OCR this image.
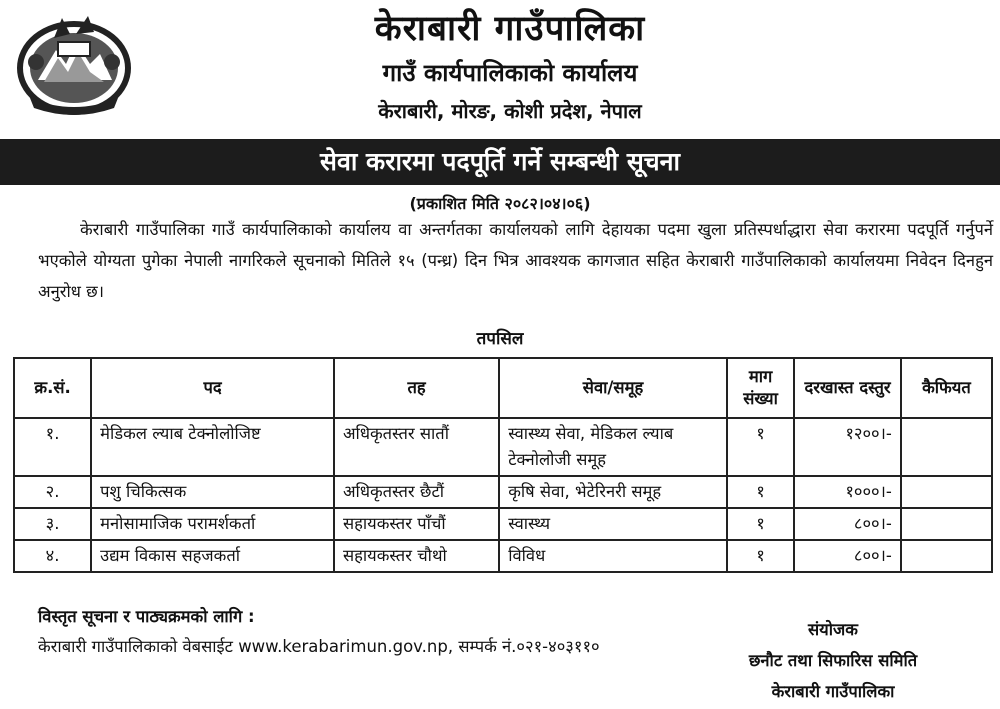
केराबारी गाउँपालिका
गाउँ कार्यपालिकाको कार्यालय
केराबारी, मोरङ, कोशी प्रदेश, नेपाल
सेवा करारमा पदपूर्ति गर्ने सम्बन्धी सूचना
(प्रकाशित मिति २०८२।०४।०६)
केराबारी गाउँपालिका गाउँ कार्यपालिकाको कार्यालय वा अन्तर्गतका कार्यालयको लागि देहायका पदमा खुला प्रतिस्पर्धाद्धारा सेवा करारमा पदपूर्ति गर्नुपर्ने भएकोले योग्यता पुगेका नेपाली नागरिकले सूचनाको मितिले १५ (पन्ध्र) दिन भित्र आवश्यक कागजात सहित केराबारी गाउँपालिकाको कार्यालयमा निवेदन दिनहुन अनुरोध छ।
तपसिल
क्र.सं.	पद	तह	सेवा/समूह	माग संख्या	दरखास्त दस्तुर	कैफियत
१.	मेडिकल ल्याब टेक्नोलोजिष्ट	अधिकृतस्तर सातौं	स्वास्थ्य सेवा, मेडिकल ल्याब टेक्नोलोजी समूह	१	१२००।-	
२.	पशु चिकित्सक	अधिकृतस्तर छैटौं	कृषि सेवा, भेटेरिनरी समूह	१	१०००।-	
३.	मनोसामाजिक परामर्शकर्ता	सहायकस्तर पाँचौं	स्वास्थ्य	१	८००।-	
४.	उद्यम विकास सहजकर्ता	सहायकस्तर चौथो	विविध	१	८००।-	
विस्तृत सूचना र पाठ्यक्रमको लागि :
केराबारी गाउँपालिकाको वेबसाईट www.kerabarimun.gov.np, सम्पर्क नं.०२१-४०३११०
संयोजक
छनौट तथा सिफारिस समिति
केराबारी गाउँपालिका
